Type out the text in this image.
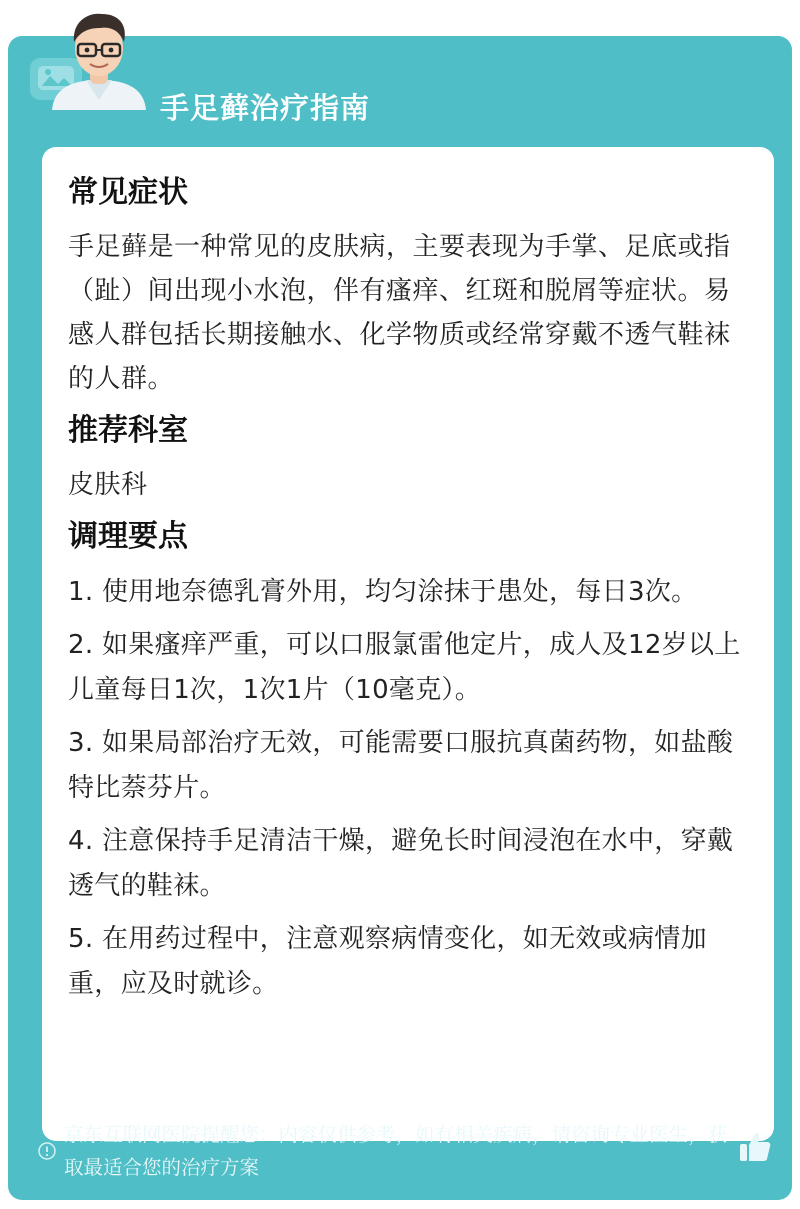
手足藓治疗指南
常见症状
手足藓是一种常见的皮肤病，主要表现为手掌、足底或指（趾）间出现小水泡，伴有瘙痒、红斑和脱屑等症状。易感人群包括长期接触水、化学物质或经常穿戴不透气鞋袜的人群。
推荐科室
皮肤科
调理要点
1. 使用地奈德乳膏外用，均匀涂抹于患处，每日3次。
2. 如果瘙痒严重，可以口服氯雷他定片，成人及12岁以上儿童每日1次，1次1片（10毫克）。
3. 如果局部治疗无效，可能需要口服抗真菌药物，如盐酸特比萘芬片。
4. 注意保持手足清洁干燥，避免长时间浸泡在水中，穿戴透气的鞋袜。
5. 在用药过程中，注意观察病情变化，如无效或病情加重，应及时就诊。
京东互联网医院提醒您：内容仅供参考，如有相关疾病，请咨询专业医生，获取最适合您的治疗方案
